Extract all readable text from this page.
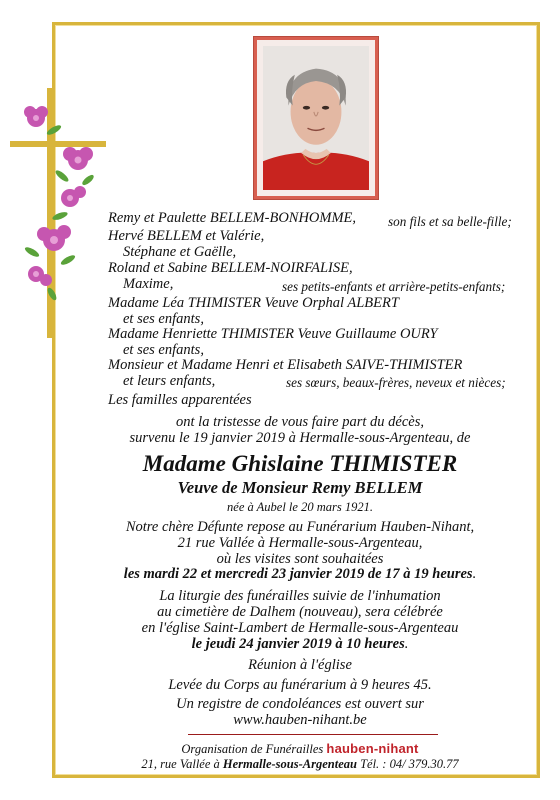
Remy et Paulette BELLEM-BONHOMME,
Hervé BELLEM et Valérie,
Stéphane et Gaëlle,
Roland et Sabine BELLEM-NOIRFALISE,
Maxime,
Madame Léa THIMISTER Veuve Orphal ALBERT
et ses enfants,
Madame Henriette THIMISTER Veuve Guillaume OURY
et ses enfants,
Monsieur et Madame Henri et Elisabeth SAIVE-THIMISTER
et leurs enfants,
Les familles apparentées
son fils et sa belle-fille;
ses petits-enfants et arrière-petits-enfants;
ses sœurs, beaux-frères, neveux et nièces;
ont la tristesse de vous faire part du décès,
survenu le 19 janvier 2019 à Hermalle-sous-Argenteau, de
Madame Ghislaine THIMISTER
Veuve de Monsieur Remy BELLEM
née à Aubel le 20 mars 1921.
Notre chère Défunte repose au Funérarium Hauben-Nihant,
21 rue Vallée à Hermalle-sous-Argenteau,
où les visites sont souhaitées
les mardi 22 et mercredi 23 janvier 2019 de 17 à 19 heures.
La liturgie des funérailles suivie de l'inhumation
au cimetière de Dalhem (nouveau), sera célébrée
en l'église Saint-Lambert de Hermalle-sous-Argenteau
le jeudi 24 janvier 2019 à 10 heures.
Réunion à l'église
Levée du Corps au funérarium à 9 heures 45.
Un registre de condoléances est ouvert sur
www.hauben-nihant.be
Organisation de Funérailles hauben-nihant
21, rue Vallée à Hermalle-sous-Argenteau Tél. : 04/ 379.30.77
